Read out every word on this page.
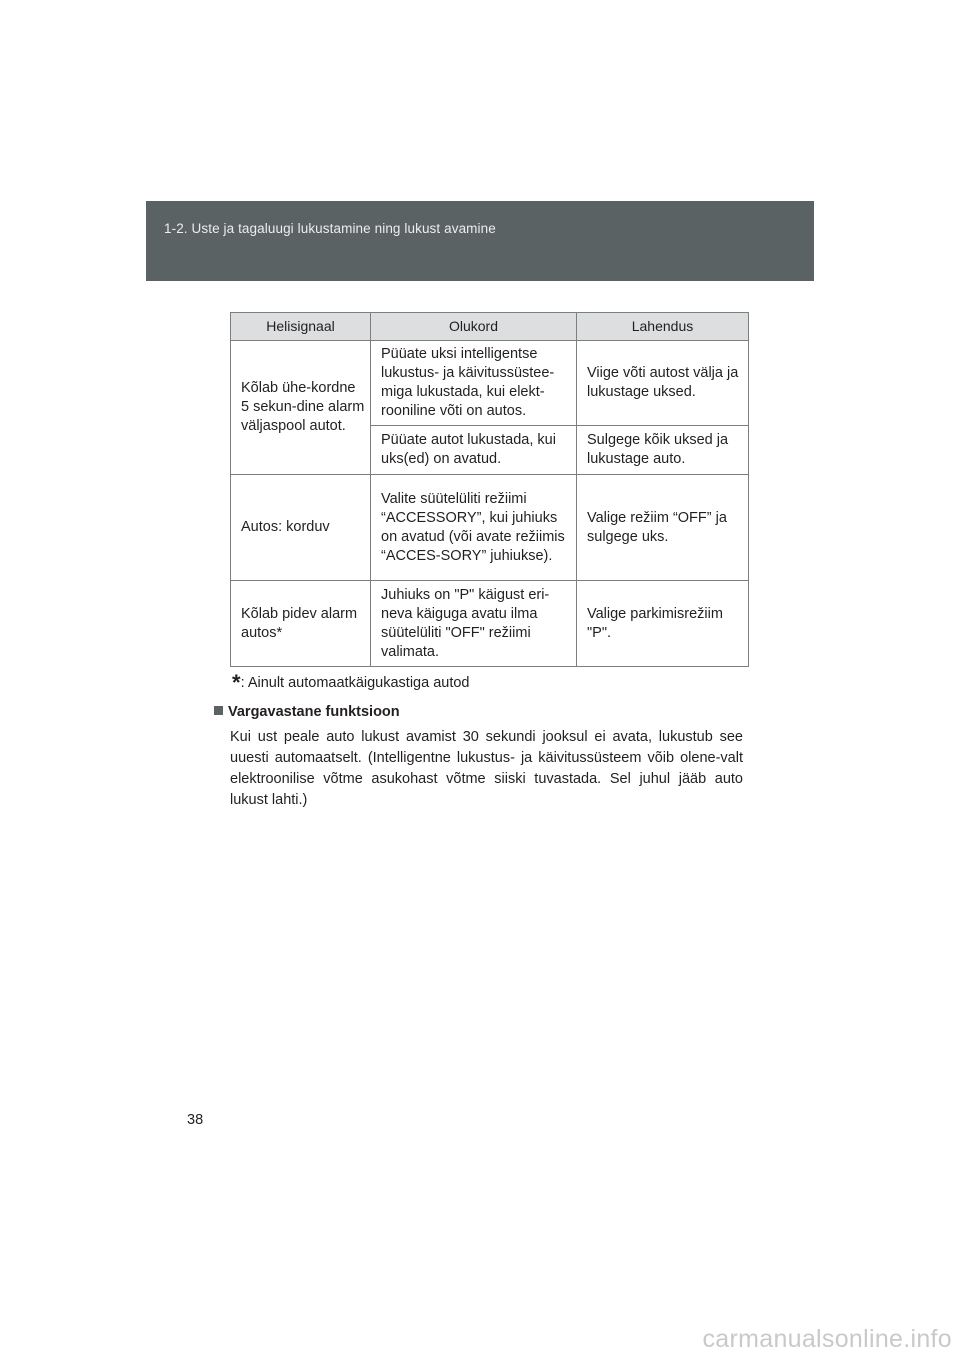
1-2. Uste ja tagaluugi lukustamine ning lukust avamine
Helisignaal	Olukord	Lahendus
Kõlab ühe-kordne 5 sekun-dine alarm väljaspool autot.	Püüate uksi intelligentse lukustus- ja käivitussüstee-miga lukustada, kui elekt-rooniline võti on autos.	Viige võti autost välja ja lukustage uksed.
	Püüate autot lukustada, kui uks(ed) on avatud.	Sulgege kõik uksed ja lukustage auto.
Autos: korduv	Valite süütelüliti režiimi “ACCESSORY”, kui juhiuks on avatud (või avate režiimis “ACCES-SORY” juhiukse).	Valige režiim “OFF” ja sulgege uks.
Kõlab pidev alarm autos*	Juhiuks on "P" käigust eri-neva käiguga avatu ilma süütelüliti "OFF" režiimi valimata.	Valige parkimisrežiim "P".
*: Ainult automaatkäigukastiga autod
Vargavastane funktsioon
Kui ust peale auto lukust avamist 30 sekundi jooksul ei avata, lukustub see uuesti automaatselt. (Intelligentne lukustus- ja käivitussüsteem võib olene-valt elektroonilise võtme asukohast võtme siiski tuvastada. Sel juhul jääb auto lukust lahti.)
38
carmanualsonline.info
